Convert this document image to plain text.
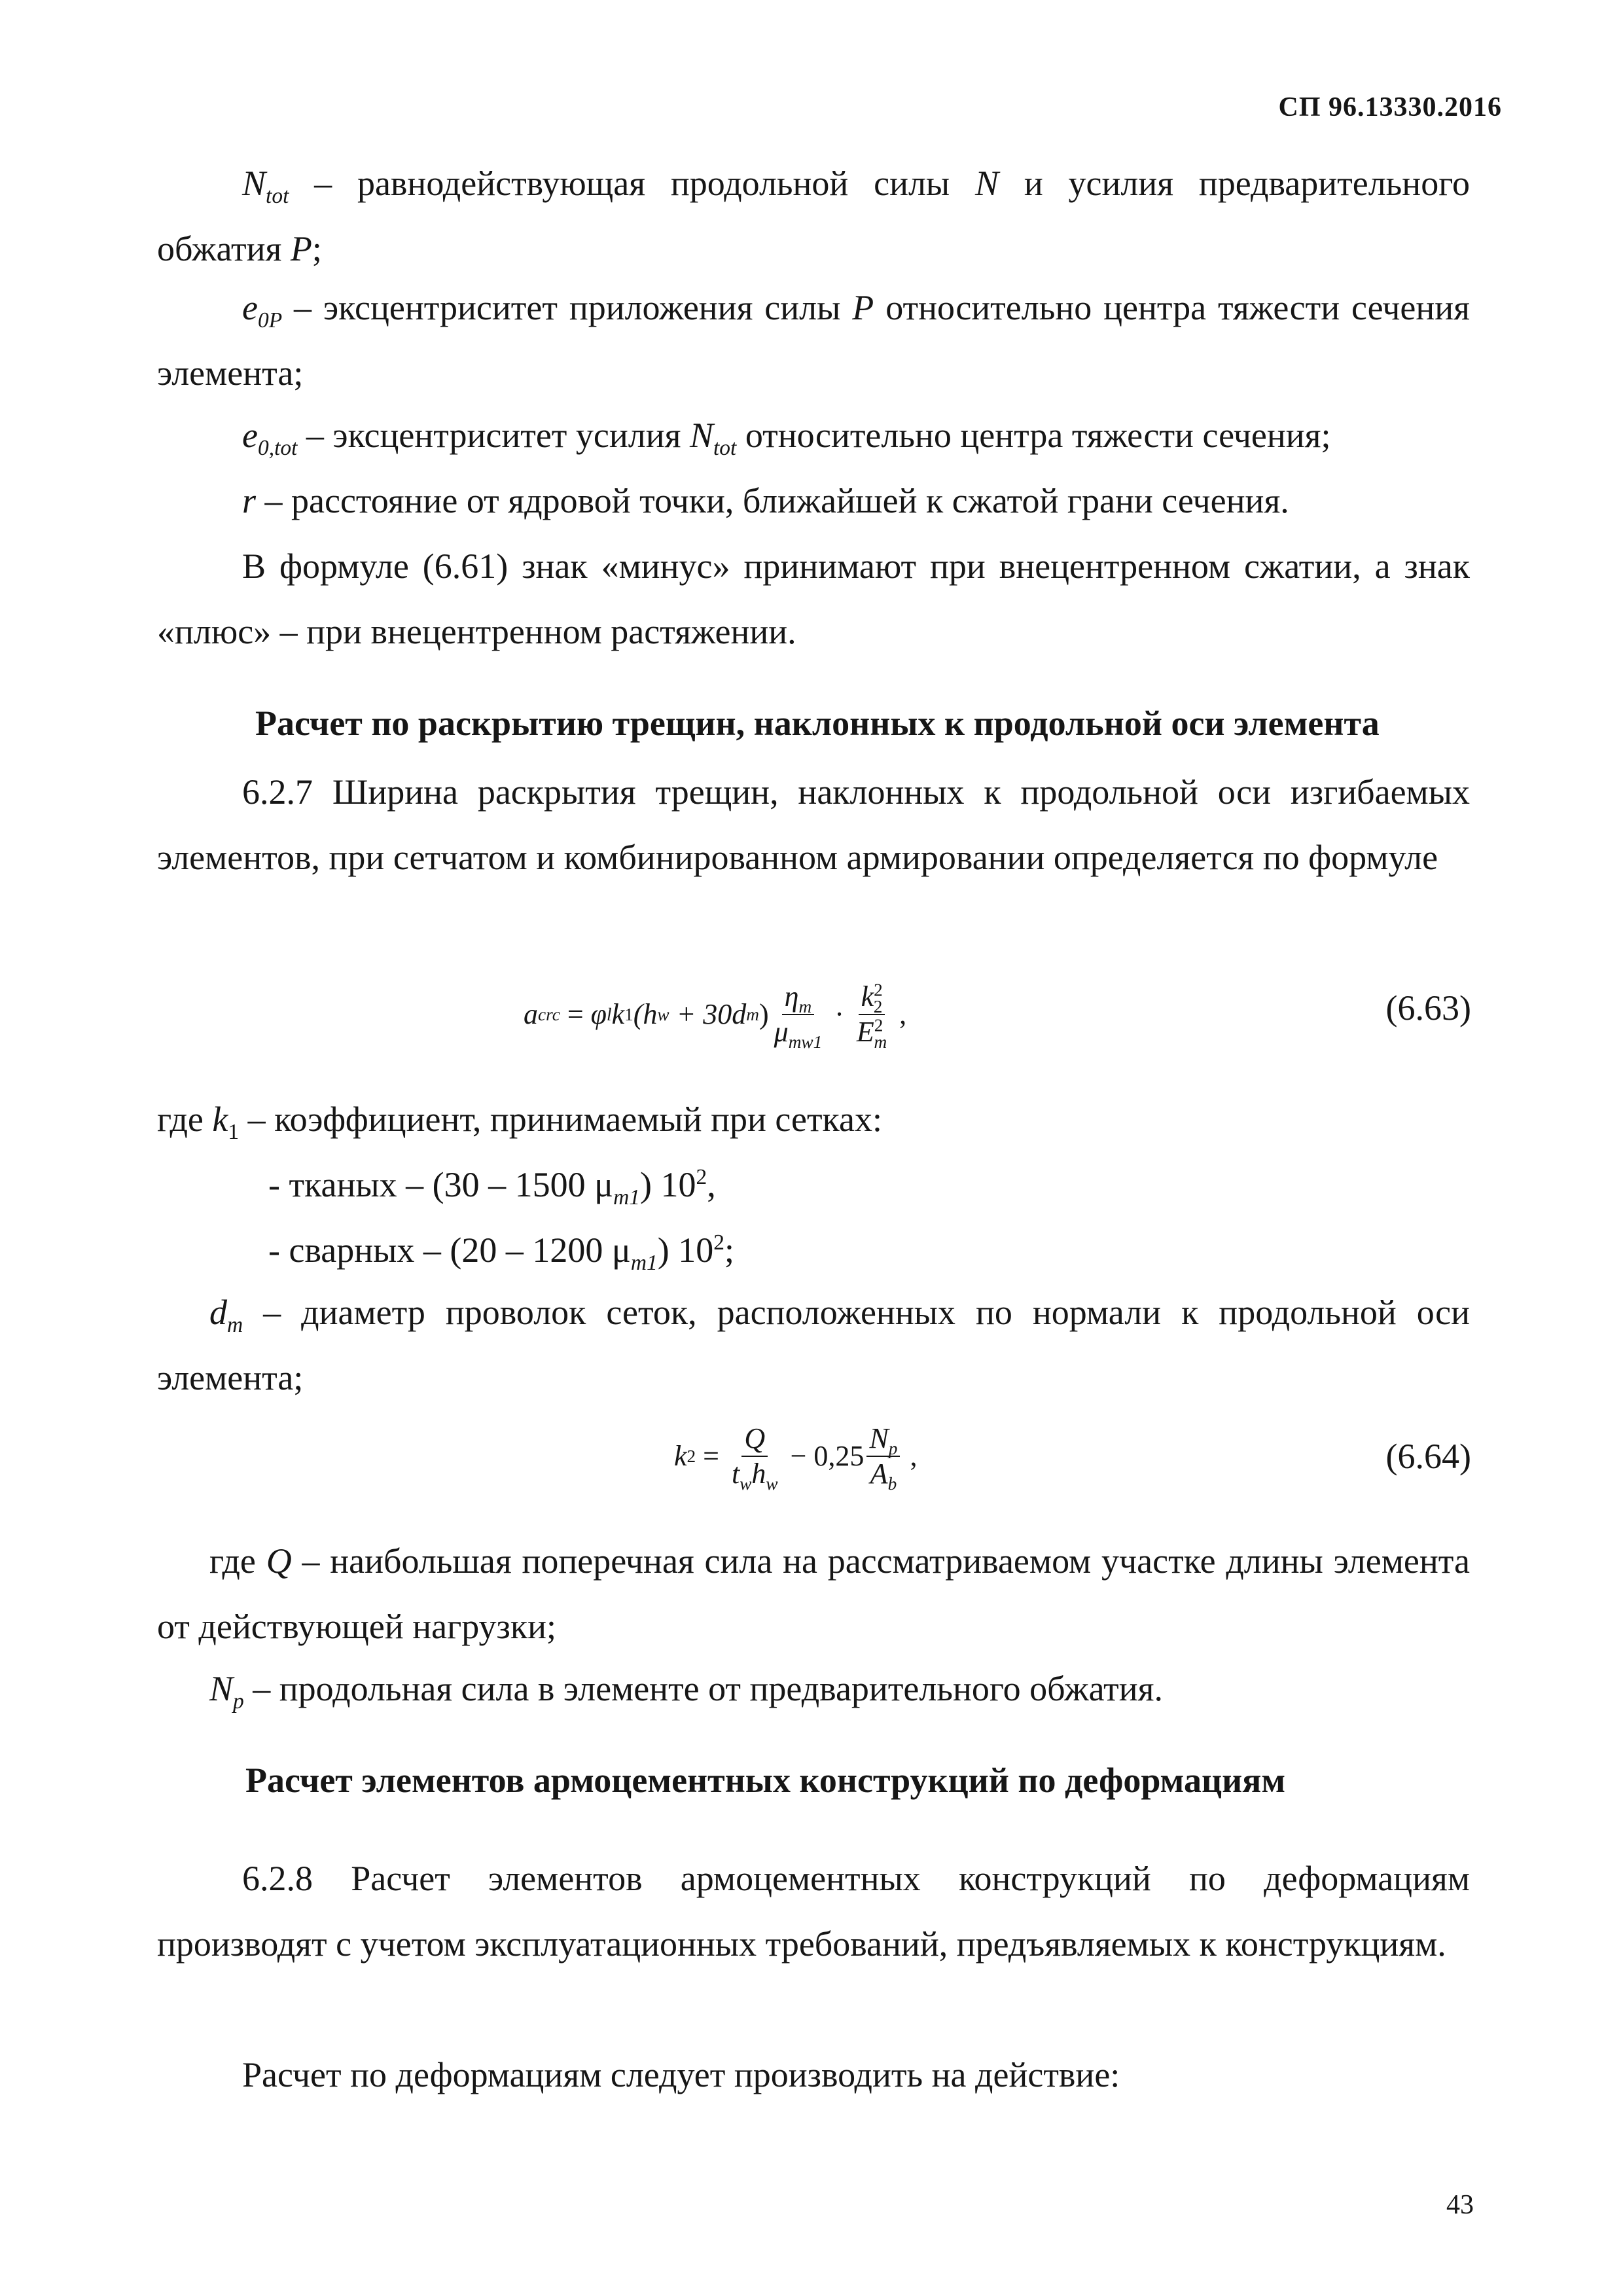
СП 96.13330.2016

$N_{tot}$ – равнодействующая продольной силы N и усилия предварительного обжатия P;

$e_{0P}$ – эксцентриситет приложения силы P относительно центра тяжести сечения элемента;

$e_{0,tot}$ – эксцентриситет усилия $N_{tot}$ относительно центра тяжести сечения;

r – расстояние от ядровой точки, ближайшей к сжатой грани сечения.

В формуле (6.61) знак «минус» принимают при внецентренном сжатии, а знак «плюс» – при внецентренном растяжении.

Расчет по раскрытию трещин, наклонных к продольной оси элемента

6.2.7 Ширина раскрытия трещин, наклонных к продольной оси изгибаемых элементов, при сетчатом и комбинированном армировании определяется по формуле

a crc = φ l k 1 (h w + 30d m ) $\frac{\eta_m}{\mu_{mw1}} \cdot \frac{k^2_2}{E^2_m}$ ,	(6.63)

где $k_1$ – коэффициент, принимаемый при сетках:

- тканых – (30 – 1500 $\mu_{m1}$) $10^2$,

- сварных – (20 – 1200 $\mu_{m1}$) $10^2$;

$d_m$ – диаметр проволок сеток, расположенных по нормали к продольной оси элемента;

k $2 = \frac{Q}{t_wh_w} - 0,25 \frac{N_p}{A_b}$ ,	(6.64)

где Q – наибольшая поперечная сила на рассматриваемом участке длины элемента от действующей нагрузки;

$N_p$ – продольная сила в элементе от предварительного обжатия.

Расчет элементов армоцементных конструкций по деформациям

6.2.8 Расчет элементов армоцементных конструкций по деформациям производят с учетом эксплуатационных требований, предъявляемых к конструкциям.

Расчет по деформациям следует производить на действие:

43
